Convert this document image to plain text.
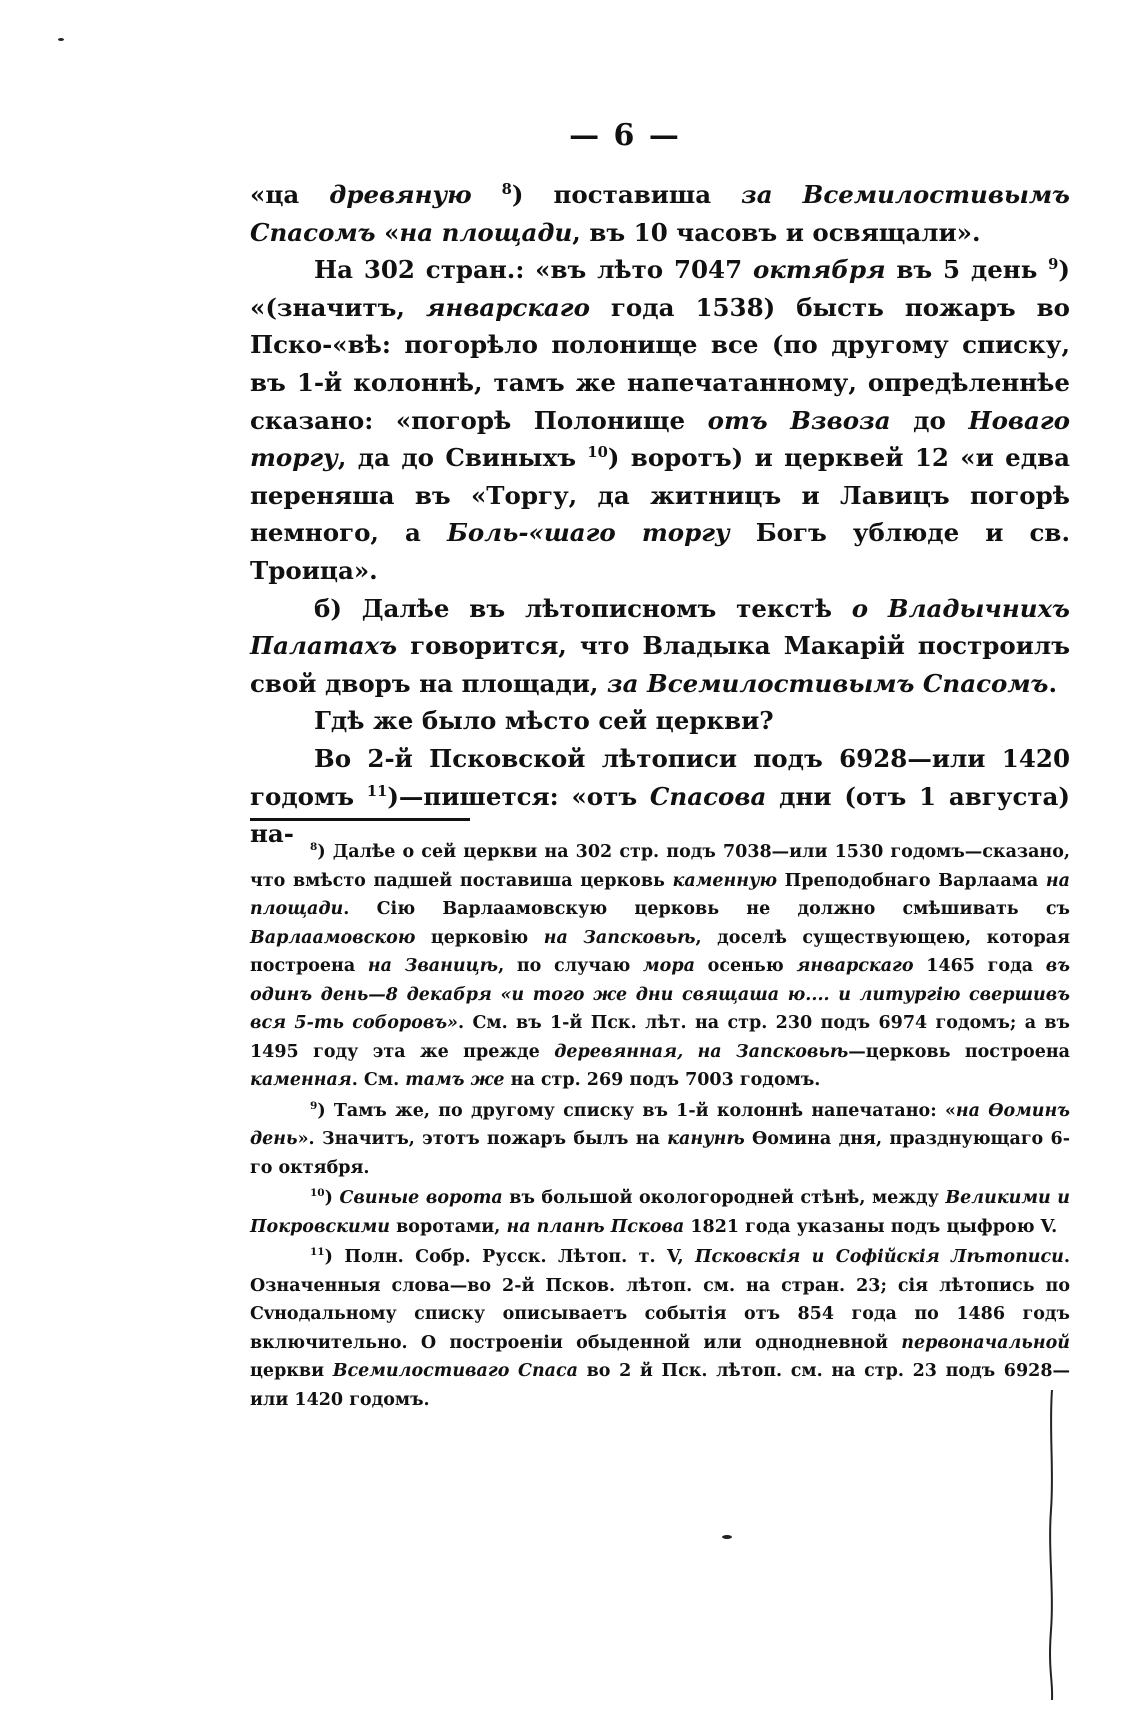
— 6 —

«ца древяную $^8$) поставиша за Всемилостивымъ Спасомъ «на площади, въ 10 часовъ и освящали».

На 302 стран.: «въ лѣто 7047 октября въ 5 день $^9$) «(значитъ, январскаго года 1538) бысть пожаръ во Пско-«вѣ: погорѣло полонище все (по другому списку, въ 1-й колоннѣ, тамъ же напечатанному, опредѣленнѣе сказано: «погорѣ Полонище отъ Взвоза до Новаго торгу, да до Свиныхъ $^{10}$) воротъ) и церквей 12 «и едва переняша въ «Торгу, да житницъ и Лавицъ погорѣ немного, а Боль-«шаго торгу Богъ ублюде и св. Троица».

б) Далѣе въ лѣтописномъ текстѣ о Владычнихъ Палатахъ говорится, что Владыка Макарій построилъ свой дворъ на площади, за Всемилостивымъ Спасомъ.

Гдѣ же было мѣсто сей церкви?

Во 2-й Псковской лѣтописи подъ 6928—или 1420 годомъ $^{11}$)—пишется: «отъ Спасова дни (отъ 1 августа) на-	$^8$) Далѣе о сей церкви на 302 стр. подъ 7038—или 1530 годомъ—сказано, что вмѣсто падшей поставиша церковь каменную Преподобнаго Варлаама на площади. Сію Варлаамовскую церковь не должно смѣшивать съ Варлаамовскою церковію на Запсковьѣ, доселѣ существующею, которая построена на Званицѣ, по случаю мора осенью январскаго 1465 года въ одинъ день—8 декабря «и того же дни свящаша ю.... и литургію свершивъ вся 5-ть соборовъ». См. въ 1-й Пск. лѣт. на стр. 230 подъ 6974 годомъ; а въ 1495 году эта же прежде деревянная, на Запсковьѣ—церковь построена каменная. См. тамъ же на стр. 269 подъ 7003 годомъ.

$^9$) Тамъ же, по другому списку въ 1-й колоннѣ напечатано: «на Ѳоминъ день». Значитъ, этотъ пожаръ былъ на канунѣ Ѳомина дня, празднующаго 6-го октября.

$^{10}$) Свиные ворота въ большой окологородней стѣнѣ, между Великими и Покровскими воротами, на планѣ Пскова 1821 года указаны подъ цыфрою V.

$^{11}$) Полн. Собр. Русск. Лѣтоп. т. V, Псковскія и Софійскія Лѣтописи. Означенныя слова—во 2-й Псков. лѣтоп. см. на стран. 23; сія лѣтопись по Сvнодальному списку описываетъ событія отъ 854 года по 1486 годъ включительно. О построеніи обыденной или однодневной первоначальной церкви Всемилостиваго Спаса во 2 й Пск. лѣтоп. см. на стр. 23 подъ 6928—или 1420 годомъ.
